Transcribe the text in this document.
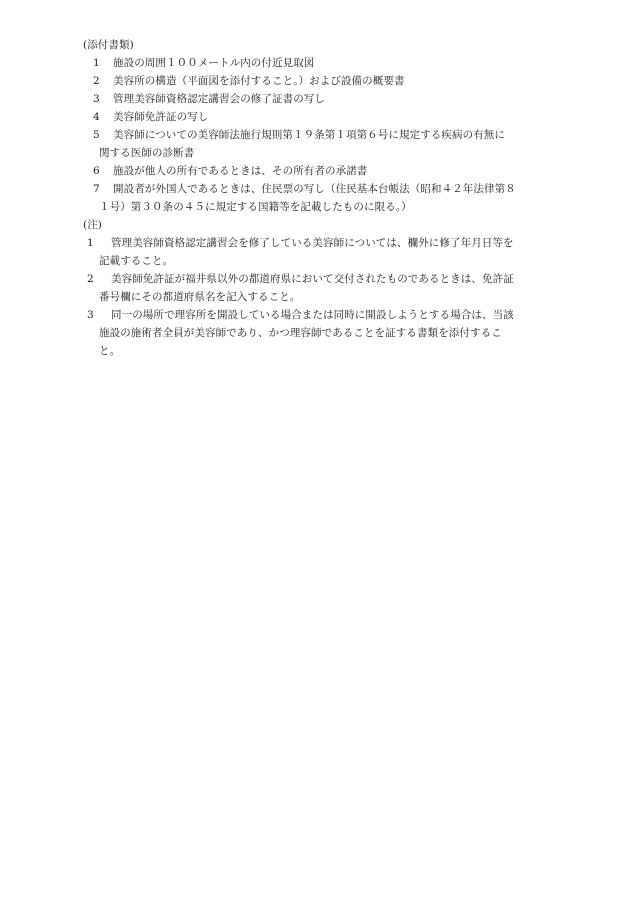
(添付書類)

1	施設の周囲１００メートル内の付近見取図
2	美容所の構造（平面図を添付すること。）および設備の概要書
3	管理美容師資格認定講習会の修了証書の写し
4	美容師免許証の写し
5	美容師についての美容師法施行規則第１９条第１項第６号に規定する疾病の有無に
関する医師の診断書
6	施設が他人の所有であるときは、その所有者の承諾書
7	開設者が外国人であるときは、住民票の写し（住民基本台帳法（昭和４２年法律第８
１号）第３０条の４５に規定する国籍等を記載したものに限る。）

(注)

1	管理美容師資格認定講習会を修了している美容師については、欄外に修了年月日等を
記載すること。
2	美容師免許証が福井県以外の都道府県において交付されたものであるときは、免許証
番号欄にその都道府県名を記入すること。
3	同一の場所で理容所を開設している場合または同時に開設しようとする場合は、当該
施設の施術者全員が美容師であり、かつ理容師であることを証する書類を添付するこ
と。
